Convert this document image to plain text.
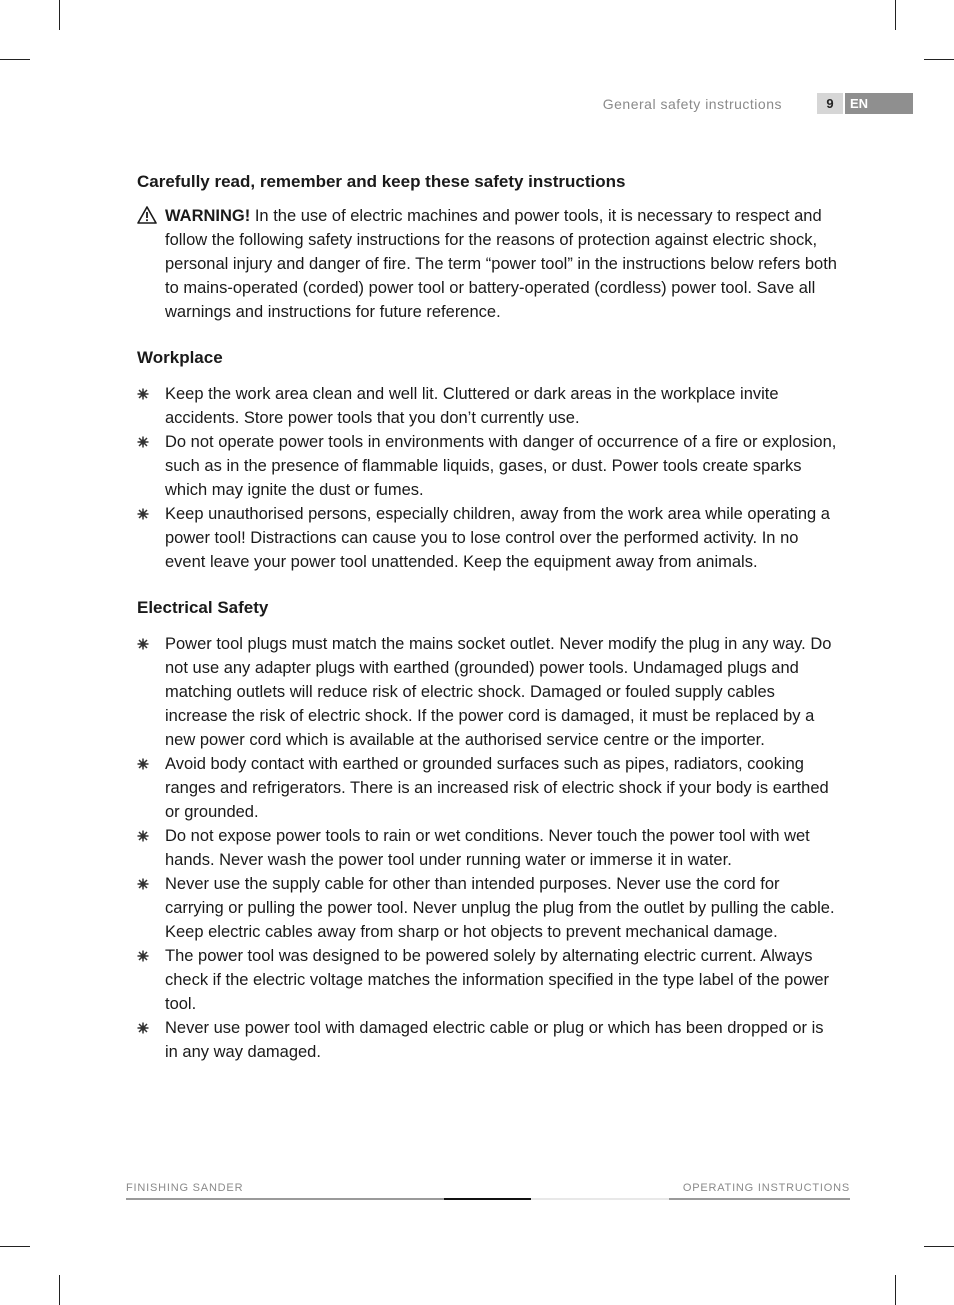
General safety instructions	9	EN
Carefully read, remember and keep these safety instructions
WARNING! In the use of electric machines and power tools, it is necessary to respect and follow the following safety instructions for the reasons of protection against electric shock, personal injury and danger of fire. The term “power tool” in the instructions below refers both to mains-operated (corded) power tool or battery-operated (cordless) power tool. Save all warnings and instructions for future reference.
Workplace
Keep the work area clean and well lit. Cluttered or dark areas in the workplace invite accidents. Store power tools that you don’t currently use.
Do not operate power tools in environments with danger of occurrence of a fire or explosion, such as in the presence of flammable liquids, gases, or dust. Power tools create sparks which may ignite the dust or fumes.
Keep unauthorised persons, especially children, away from the work area while operating a power tool! Distractions can cause you to lose control over the performed activity. In no event leave your power tool unattended. Keep the equipment away from animals.
Electrical Safety
Power tool plugs must match the mains socket outlet. Never modify the plug in any way. Do not use any adapter plugs with earthed (grounded) power tools. Undamaged plugs and matching outlets will reduce risk of electric shock. Damaged or fouled supply cables increase the risk of electric shock. If the power cord is damaged, it must be replaced by a new power cord which is available at the authorised service centre or the importer.
Avoid body contact with earthed or grounded surfaces such as pipes, radiators, cooking ranges and refrigerators. There is an increased risk of electric shock if your body is earthed or grounded.
Do not expose power tools to rain or wet conditions. Never touch the power tool with wet hands. Never wash the power tool under running water or immerse it in water.
Never use the supply cable for other than intended purposes. Never use the cord for carrying or pulling the power tool. Never unplug the plug from the outlet by pulling the cable. Keep electric cables away from sharp or hot objects to prevent mechanical damage.
The power tool was designed to be powered solely by alternating electric current. Always check if the electric voltage matches the information specified in the type label of the power tool.
Never use power tool with damaged electric cable or plug or which has been dropped or is in any way damaged.
FINISHING SANDER	OPERATING INSTRUCTIONS
